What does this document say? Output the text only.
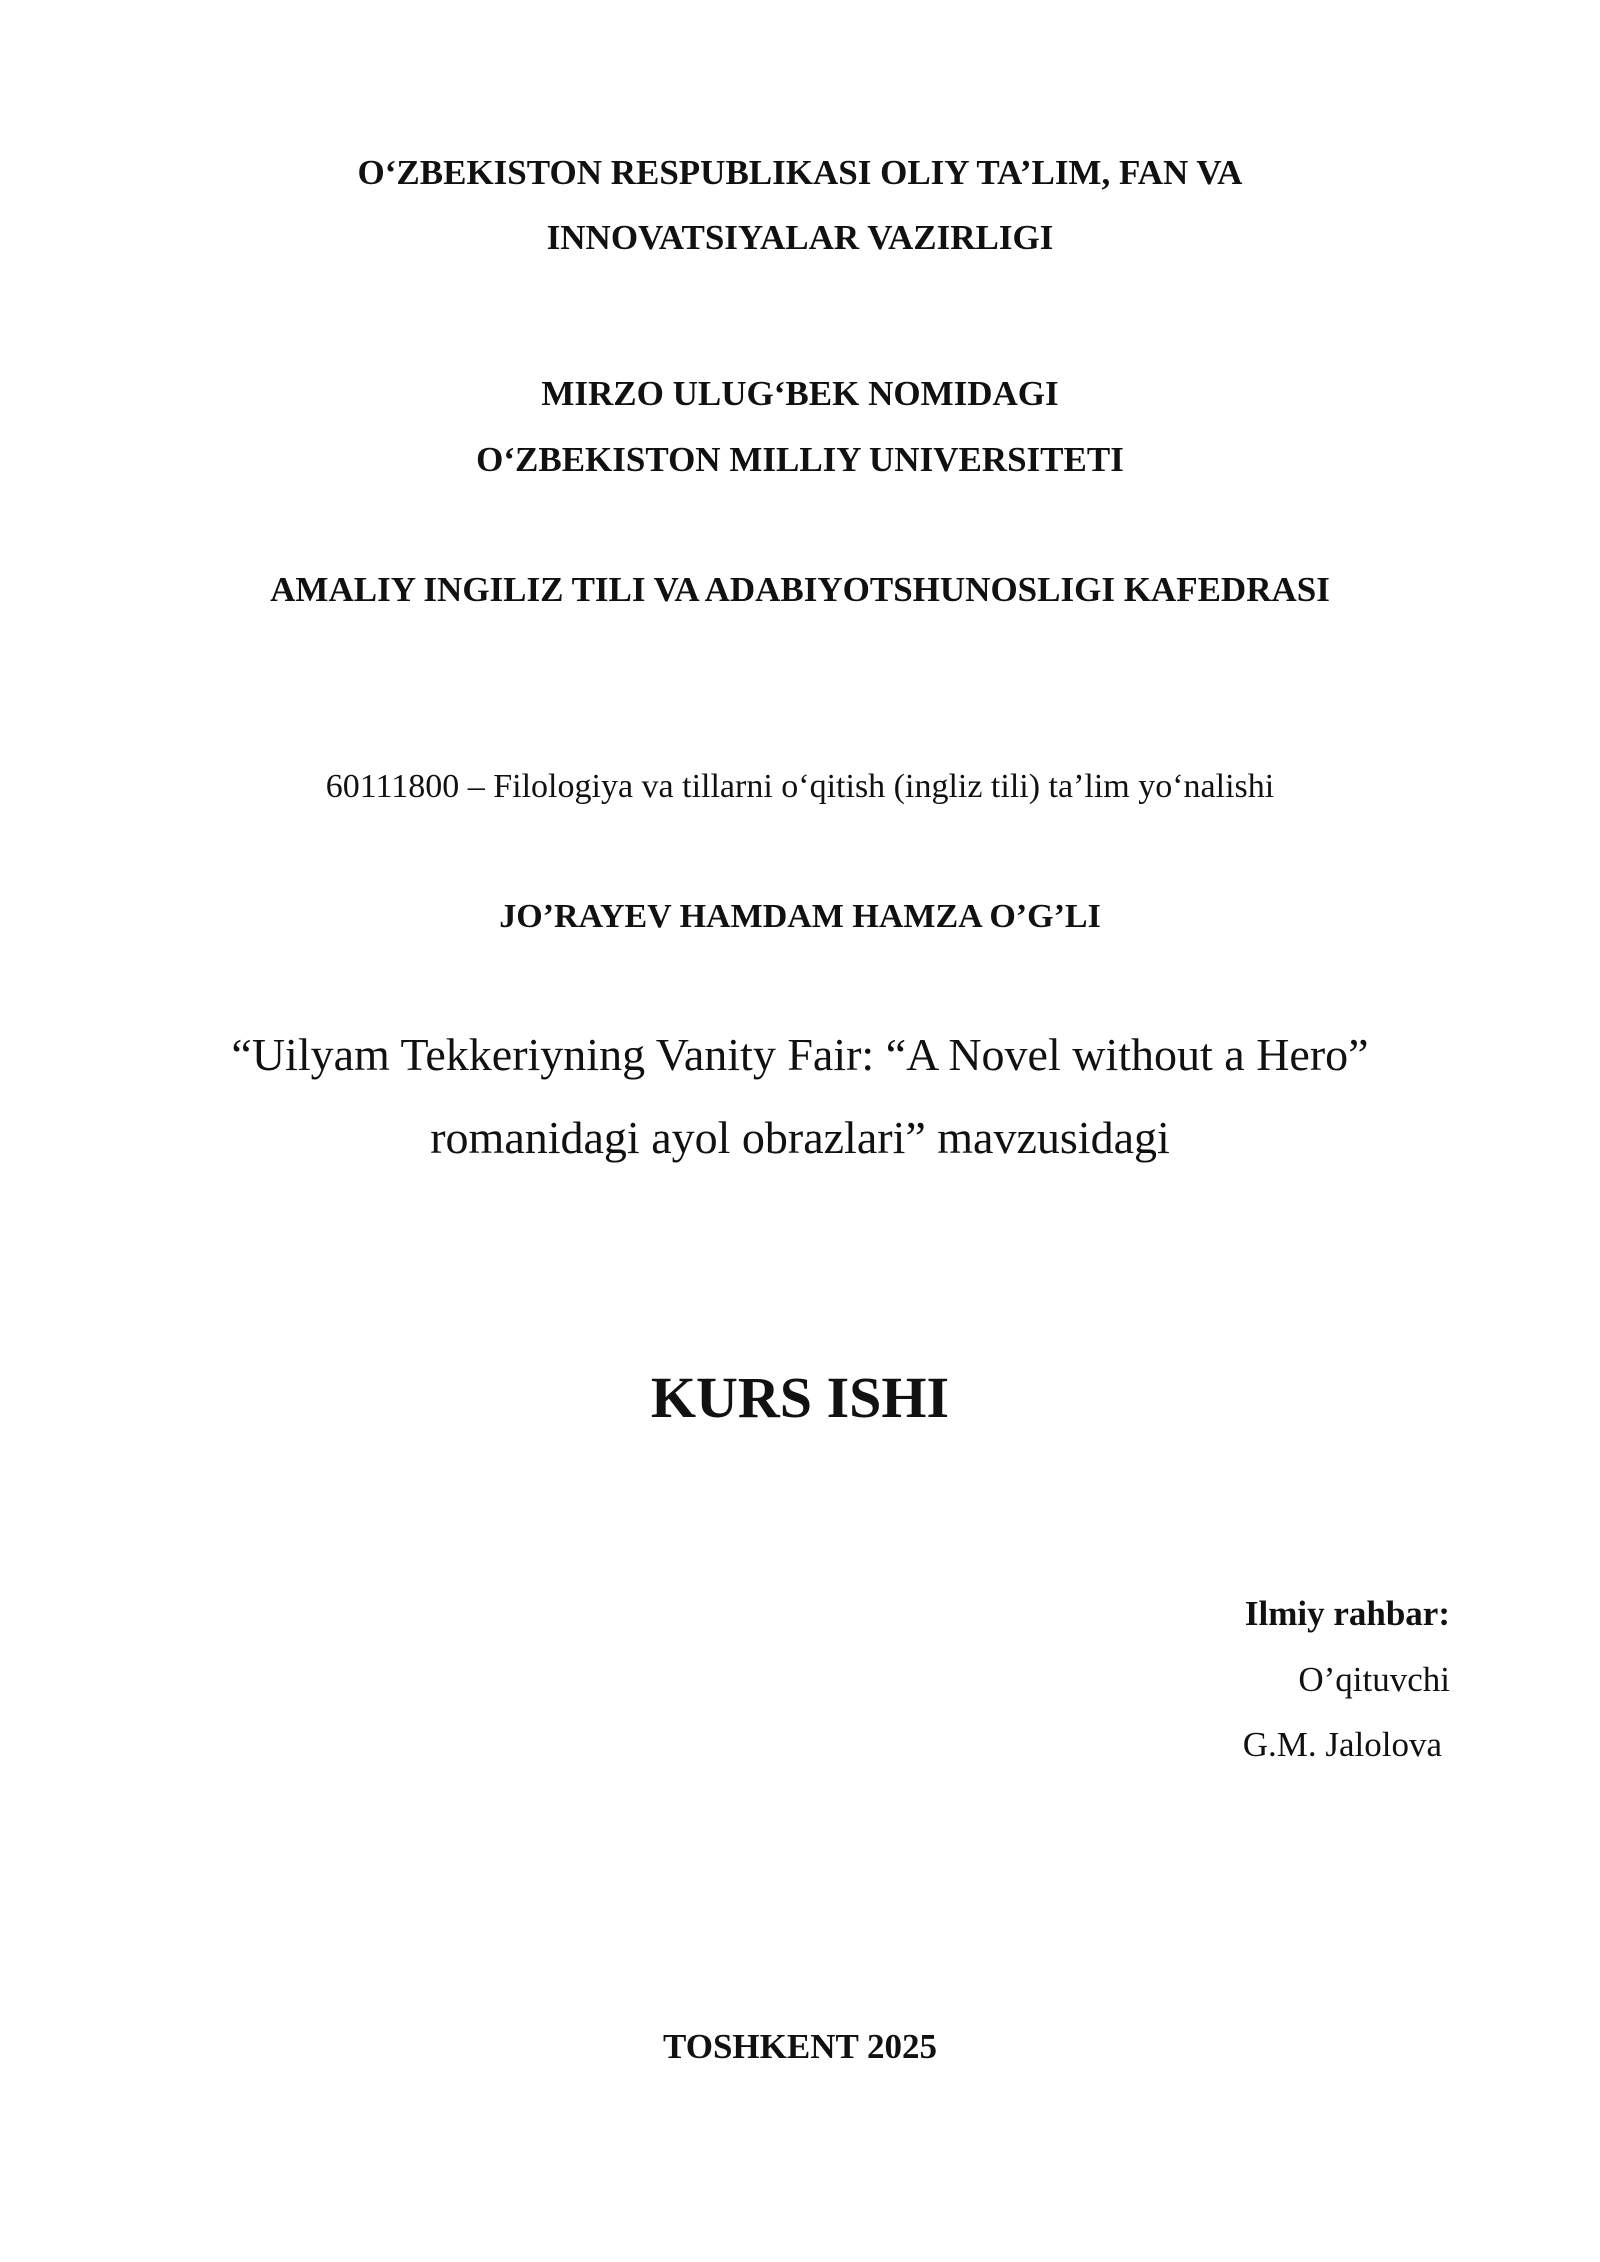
O‘ZBEKISTON RESPUBLIKASI OLIY TA’LIM, FAN VA
INNOVATSIYALAR VAZIRLIGI
MIRZO ULUG‘BEK NOMIDAGI
O‘ZBEKISTON MILLIY UNIVERSITETI
AMALIY INGILIZ TILI VA ADABIYOTSHUNOSLIGI KAFEDRASI
60111800 – Filologiya va tillarni o‘qitish (ingliz tili) ta’lim yo‘nalishi
JO’RAYEV HAMDAM HAMZA O’G’LI
“Uilyam Tekkeriyning Vanity Fair: “A Novel without a Hero”
romanidagi ayol obrazlari” mavzusidagi
KURS ISHI
Ilmiy rahbar:
O’qituvchi
G.M. Jalolova
TOSHKENT 2025
